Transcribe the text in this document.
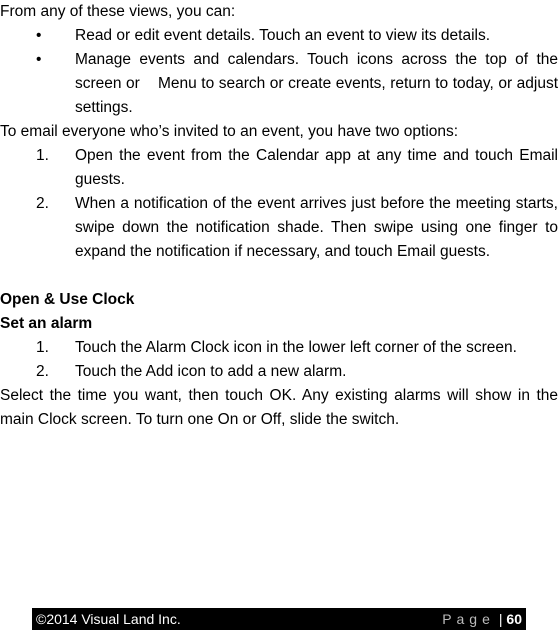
From any of these views, you can:

•	Read or edit event details. Touch an event to view its details.
•	Manage events and calendars. Touch icons across the top of the screen or    Menu to search or create events, return to today, or adjust settings.

To email everyone who’s invited to an event, you have two options:

1.	Open the event from the Calendar app at any time and touch Email guests.
2.	When a notification of the event arrives just before the meeting starts, swipe down the notification shade. Then swipe using one finger to expand the notification if necessary, and touch Email guests.

Open & Use Clock

Set an alarm

1.	Touch the Alarm Clock icon in the lower left corner of the screen.
2.	Touch the Add icon to add a new alarm.

Select the time you want, then touch OK. Any existing alarms will show in the main Clock screen. To turn one On or Off, slide the switch.

©2014 Visual Land Inc.	Page | 60
